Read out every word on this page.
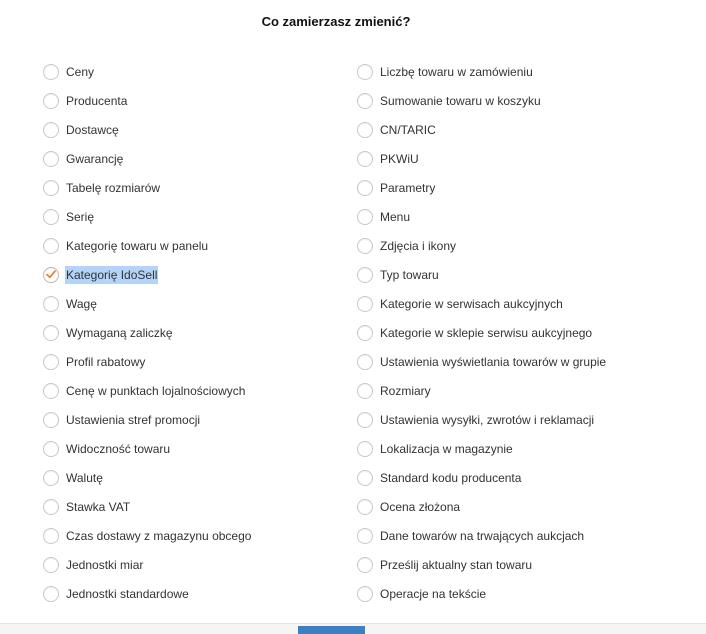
Co zamierzasz zmienić?
Ceny
Producenta
Dostawcę
Gwarancję
Tabelę rozmiarów
Serię
Kategorię towaru w panelu
Kategorię IdoSell
Wagę
Wymaganą zaliczkę
Profil rabatowy
Cenę w punktach lojalnościowych
Ustawienia stref promocji
Widoczność towaru
Walutę
Stawka VAT
Czas dostawy z magazynu obcego
Jednostki miar
Jednostki standardowe
Liczbę towaru w zamówieniu
Sumowanie towaru w koszyku
CN/TARIC
PKWiU
Parametry
Menu
Zdjęcia i ikony
Typ towaru
Kategorie w serwisach aukcyjnych
Kategorie w sklepie serwisu aukcyjnego
Ustawienia wyświetlania towarów w grupie
Rozmiary
Ustawienia wysyłki, zwrotów i reklamacji
Lokalizacja w magazynie
Standard kodu producenta
Ocena złożona
Dane towarów na trwających aukcjach
Prześlij aktualny stan towaru
Operacje na tekście
